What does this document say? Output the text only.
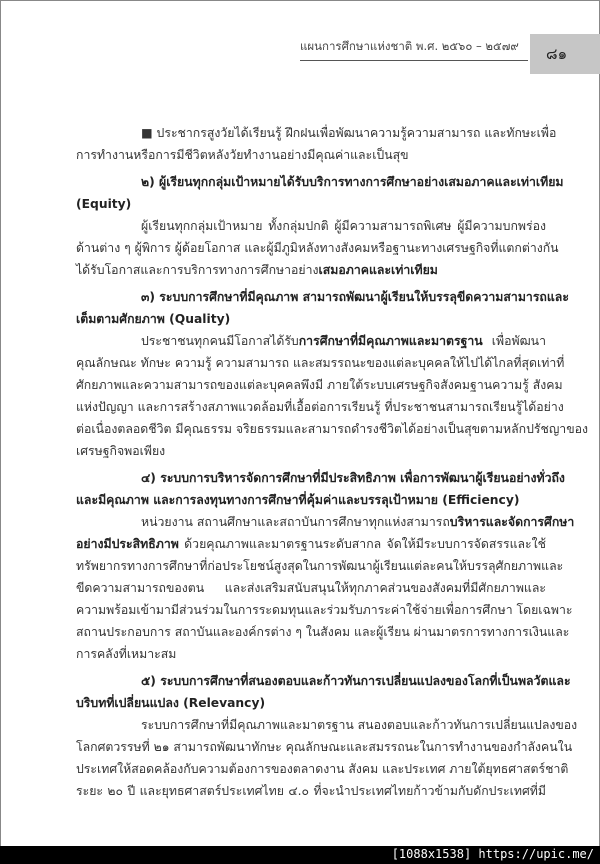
แผนการศึกษาแห่งชาติ พ.ศ. ๒๕๖๐ – ๒๕๗๙ ๘๑
■ ประชากรสูงวัยได้เรียนรู้ ฝึกฝนเพื่อพัฒนาความรู้ความสามารถ และทักษะเพื่อ
การทำงานหรือการมีชีวิตหลังวัยทำงานอย่างมีคุณค่าและเป็นสุข
๒) ผู้เรียนทุกกลุ่มเป้าหมายได้รับบริการทางการศึกษาอย่างเสมอภาคและเท่าเทียม
(Equity)
ผู้เรียนทุกกลุ่มเป้าหมาย ทั้งกลุ่มปกติ ผู้มีความสามารถพิเศษ ผู้มีความบกพร่อง
ด้านต่าง ๆ ผู้พิการ ผู้ด้อยโอกาส และผู้มีภูมิหลังทางสังคมหรือฐานะทางเศรษฐกิจที่แตกต่างกัน
ได้รับโอกาสและการบริการทางการศึกษาอย่างเสมอภาคและเท่าเทียม
๓) ระบบการศึกษาที่มีคุณภาพ สามารถพัฒนาผู้เรียนให้บรรลุขีดความสามารถและ
เต็มตามศักยภาพ (Quality)
ประชาชนทุกคนมีโอกาสได้รับการศึกษาที่มีคุณภาพและมาตรฐาน เพื่อพัฒนา
คุณลักษณะ ทักษะ ความรู้ ความสามารถ และสมรรถนะของแต่ละบุคคลให้ไปได้ไกลที่สุดเท่าที่
ศักยภาพและความสามารถของแต่ละบุคคลพึงมี ภายใต้ระบบเศรษฐกิจสังคมฐานความรู้ สังคม
แห่งปัญญา และการสร้างสภาพแวดล้อมที่เอื้อต่อการเรียนรู้ ที่ประชาชนสามารถเรียนรู้ได้อย่าง
ต่อเนื่องตลอดชีวิต มีคุณธรรม จริยธรรมและสามารถดำรงชีวิตได้อย่างเป็นสุขตามหลักปรัชญาของ
เศรษฐกิจพอเพียง
๔) ระบบการบริหารจัดการศึกษาที่มีประสิทธิภาพ เพื่อการพัฒนาผู้เรียนอย่างทั่วถึง
และมีคุณภาพ และการลงทุนทางการศึกษาที่คุ้มค่าและบรรลุเป้าหมาย (Efficiency)
หน่วยงาน สถานศึกษาและสถาบันการศึกษาทุกแห่งสามารถบริหารและจัดการศึกษา
อย่างมีประสิทธิภาพ ด้วยคุณภาพและมาตรฐานระดับสากล จัดให้มีระบบการจัดสรรและใช้
ทรัพยากรทางการศึกษาที่ก่อประโยชน์สูงสุดในการพัฒนาผู้เรียนแต่ละคนให้บรรลุศักยภาพและ
ขีดความสามารถของตน และส่งเสริมสนับสนุนให้ทุกภาคส่วนของสังคมที่มีศักยภาพและ
ความพร้อมเข้ามามีส่วนร่วมในการระดมทุนและร่วมรับภาระค่าใช้จ่ายเพื่อการศึกษา โดยเฉพาะ
สถานประกอบการ สถาบันและองค์กรต่าง ๆ ในสังคม และผู้เรียน ผ่านมาตรการทางการเงินและ
การคลังที่เหมาะสม
๕) ระบบการศึกษาที่สนองตอบและก้าวทันการเปลี่ยนแปลงของโลกที่เป็นพลวัตและ
บริบทที่เปลี่ยนแปลง (Relevancy)
ระบบการศึกษาที่มีคุณภาพและมาตรฐาน สนองตอบและก้าวทันการเปลี่ยนแปลงของ
โลกศตวรรษที่ ๒๑ สามารถพัฒนาทักษะ คุณลักษณะและสมรรถนะในการทำงานของกำลังคนใน
ประเทศให้สอดคล้องกับความต้องการของตลาดงาน สังคม และประเทศ ภายใต้ยุทธศาสตร์ชาติ
ระยะ ๒๐ ปี และยุทธศาสตร์ประเทศไทย ๔.๐ ที่จะนำประเทศไทยก้าวข้ามกับดักประเทศที่มี
[1088x1538] https://upic.me/
